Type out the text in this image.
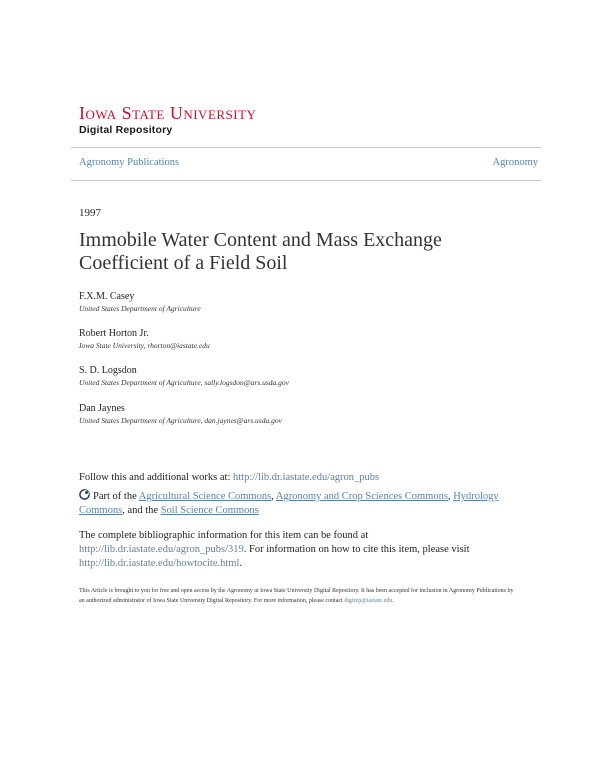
Iowa State University
Digital Repository
Agronomy Publications	Agronomy
1997
Immobile Water Content and Mass Exchange Coefficient of a Field Soil
F.X.M. Casey
United States Department of Agriculture
Robert Horton Jr.
Iowa State University, rhorton@iastate.edu
S. D. Logsdon
United States Department of Agriculture, sally.logsdon@ars.usda.gov
Dan Jaynes
United States Department of Agriculture, dan.jaynes@ars.usda.gov
Follow this and additional works at: http://lib.dr.iastate.edu/agron_pubs
Part of the Agricultural Science Commons, Agronomy and Crop Sciences Commons, Hydrology Commons, and the Soil Science Commons
The complete bibliographic information for this item can be found at http://lib.dr.iastate.edu/agron_pubs/319. For information on how to cite this item, please visit http://lib.dr.iastate.edu/howtocite.html.
This Article is brought to you for free and open access by the Agronomy at Iowa State University Digital Repository. It has been accepted for inclusion in Agronomy Publications by an authorized administrator of Iowa State University Digital Repository. For more information, please contact digirep@iastate.edu.
